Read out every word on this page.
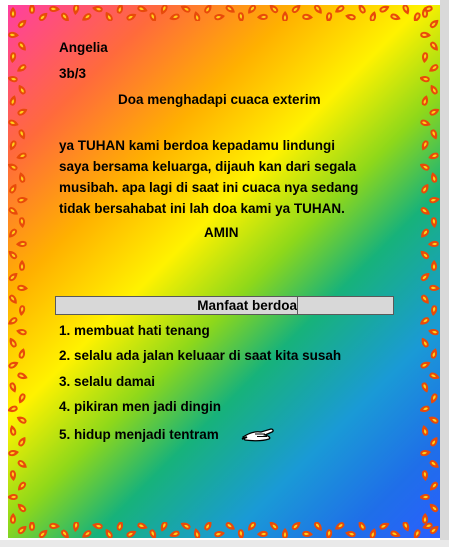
Angelia
3b/3
Doa menghadapi cuaca exterim
ya TUHAN kami berdoa kepadamu lindungi
saya bersama keluarga, dijauh kan dari segala
musibah. apa lagi di saat ini cuaca nya sedang
tidak bersahabat ini lah doa kami ya TUHAN.
AMIN
Manfaat berdoa
1. membuat hati tenang
2. selalu ada jalan keluaar di saat kita susah
3. selalu damai
4. pikiran men jadi dingin
5. hidup menjadi tentram
